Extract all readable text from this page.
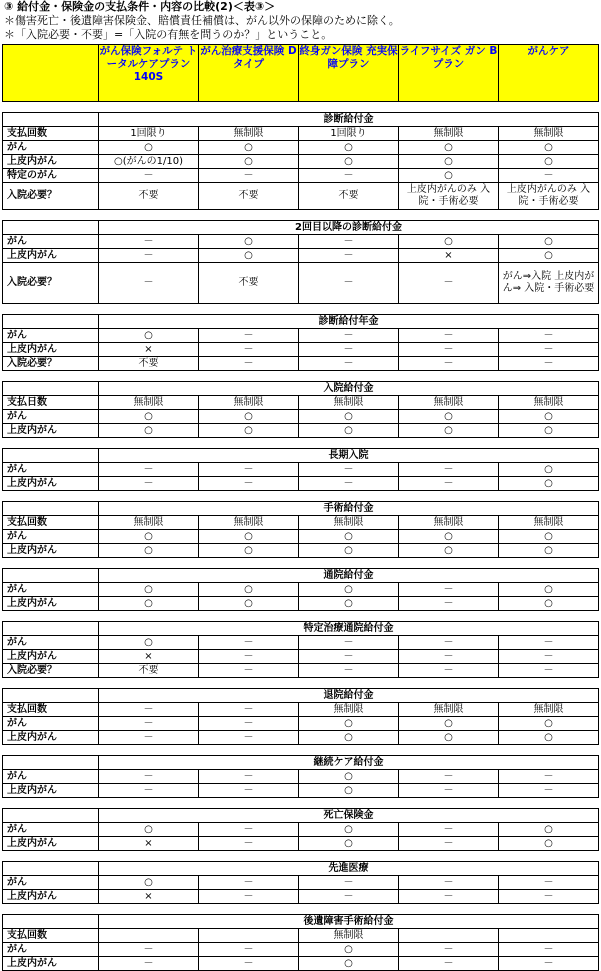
③ 給付金・保険金の支払条件・内容の比較(2)＜表③＞
＊傷害死亡・後遺障害保険金、賠償責任補償は、がん以外の保障のために除く。
＊「入院必要・不要」=「入院の有無を問うのか？」ということ。
	がん保険フォルテ トータルケアプラン 140S	がん治療支援保険 Dタイプ	終身ガン保険 充実保障プラン	ライフサイズ ガン Bプラン	がんケア

	診断給付金				
支払回数	1回限り	無制限	1回限り	無制限	無制限
がん	○	○	○	○	○
上皮内がん	○(がんの1/10)	○	○	○	○
特定のがん	－	－	－	○	－
入院必要？	不要	不要	不要	上皮内がんのみ 入院・手術必要	上皮内がんのみ 入院・手術必要

	2回目以降の診断給付金				
がん	－	○	－	○	○
上皮内がん	－	○	－	×	○
入院必要？	－	不要	－	－	がん⇒入院 上皮内がん⇒ 入院・手術必要

	診断給付年金				
がん	○	－	－	－	－
上皮内がん	×	－	－	－	－
入院必要？	不要	－	－	－	－

	入院給付金				
支払日数	無制限	無制限	無制限	無制限	無制限
がん	○	○	○	○	○
上皮内がん	○	○	○	○	○

	長期入院				
がん	－	－	－	－	○
上皮内がん	－	－	－	－	○

	手術給付金				
支払回数	無制限	無制限	無制限	無制限	無制限
がん	○	○	○	○	○
上皮内がん	○	○	○	○	○

	通院給付金				
がん	○	○	○	－	○
上皮内がん	○	○	○	－	○

	特定治療通院給付金				
がん	○	－	－	－	－
上皮内がん	×	－	－	－	－
入院必要？	不要	－	－	－	－

	退院給付金				
支払回数	－	－	無制限	無制限	無制限
がん	－	－	○	○	○
上皮内がん	－	－	○	○	○

	継続ケア給付金				
がん	－	－	○	－	－
上皮内がん	－	－	○	－	－

	死亡保険金				
がん	○	－	○	－	○
上皮内がん	×	－	○	－	○

	先進医療				
がん	○	－	－	－	－
上皮内がん	×	－	－	－	－

	後遺障害手術給付金				
支払回数			無制限		
がん	－	－	○	－	－
上皮内がん	－	－	○	－	－
